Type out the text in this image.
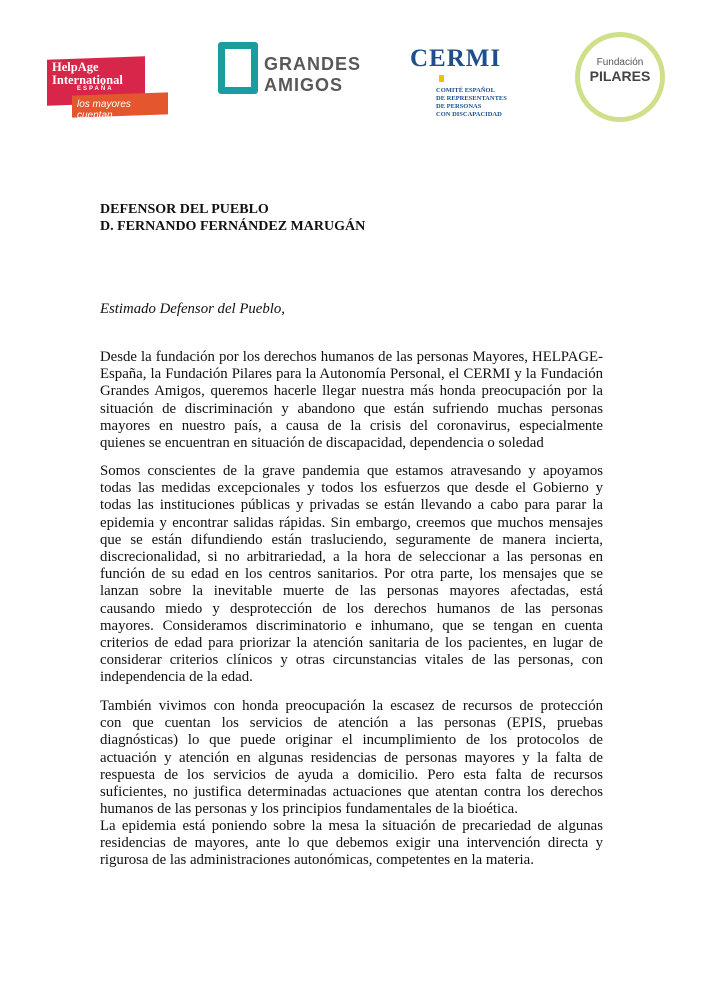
HelpAge International
los mayores cuentan
ESPAÑA
GRANDES
AMIGOS
CERMI
COMITÉ ESPAÑOL
DE REPRESENTANTES
DE PERSONAS
CON DISCAPACIDAD
Fundación
PILARES
DEFENSOR DEL PUEBLO
D. FERNANDO FERNÁNDEZ MARUGÁN
Estimado Defensor del Pueblo,
Desde la fundación por los derechos humanos de las personas Mayores, HELPAGE-
España, la Fundación Pilares para la Autonomía Personal, el CERMI y la Fundación
Grandes Amigos, queremos hacerle llegar nuestra más honda preocupación por la
situación de discriminación y abandono que están sufriendo muchas personas
mayores en nuestro país, a causa de la crisis del coronavirus, especialmente
quienes se encuentran en situación de discapacidad, dependencia o soledad
Somos conscientes de la grave pandemia que estamos atravesando y apoyamos
todas las medidas excepcionales y todos los esfuerzos que desde el Gobierno y
todas las instituciones públicas y privadas se están llevando a cabo para parar la
epidemia y encontrar salidas rápidas. Sin embargo, creemos que muchos mensajes
que se están difundiendo están trasluciendo, seguramente de manera incierta,
discrecionalidad, si no arbitrariedad, a la hora de seleccionar a las personas en
función de su edad en los centros sanitarios. Por otra parte, los mensajes que se
lanzan sobre la inevitable muerte de las personas mayores afectadas, está
causando miedo y desprotección de los derechos humanos de las personas
mayores. Consideramos discriminatorio e inhumano, que se tengan en cuenta
criterios de edad para priorizar la atención sanitaria de los pacientes, en lugar de
considerar criterios clínicos y otras circunstancias vitales de las personas, con
independencia de la edad.
También vivimos con honda preocupación la escasez de recursos de protección
con que cuentan los servicios de atención a las personas (EPIS, pruebas
diagnósticas) lo que puede originar el incumplimiento de los protocolos de
actuación y atención en algunas residencias de personas mayores y la falta de
respuesta de los servicios de ayuda a domicilio. Pero esta falta de recursos
suficientes, no justifica determinadas actuaciones que atentan contra los derechos
humanos de las personas y los principios fundamentales de la bioética.
La epidemia está poniendo sobre la mesa la situación de precariedad de algunas
residencias de mayores, ante lo que debemos exigir una intervención directa y
rigurosa de las administraciones autonómicas, competentes en la materia.
